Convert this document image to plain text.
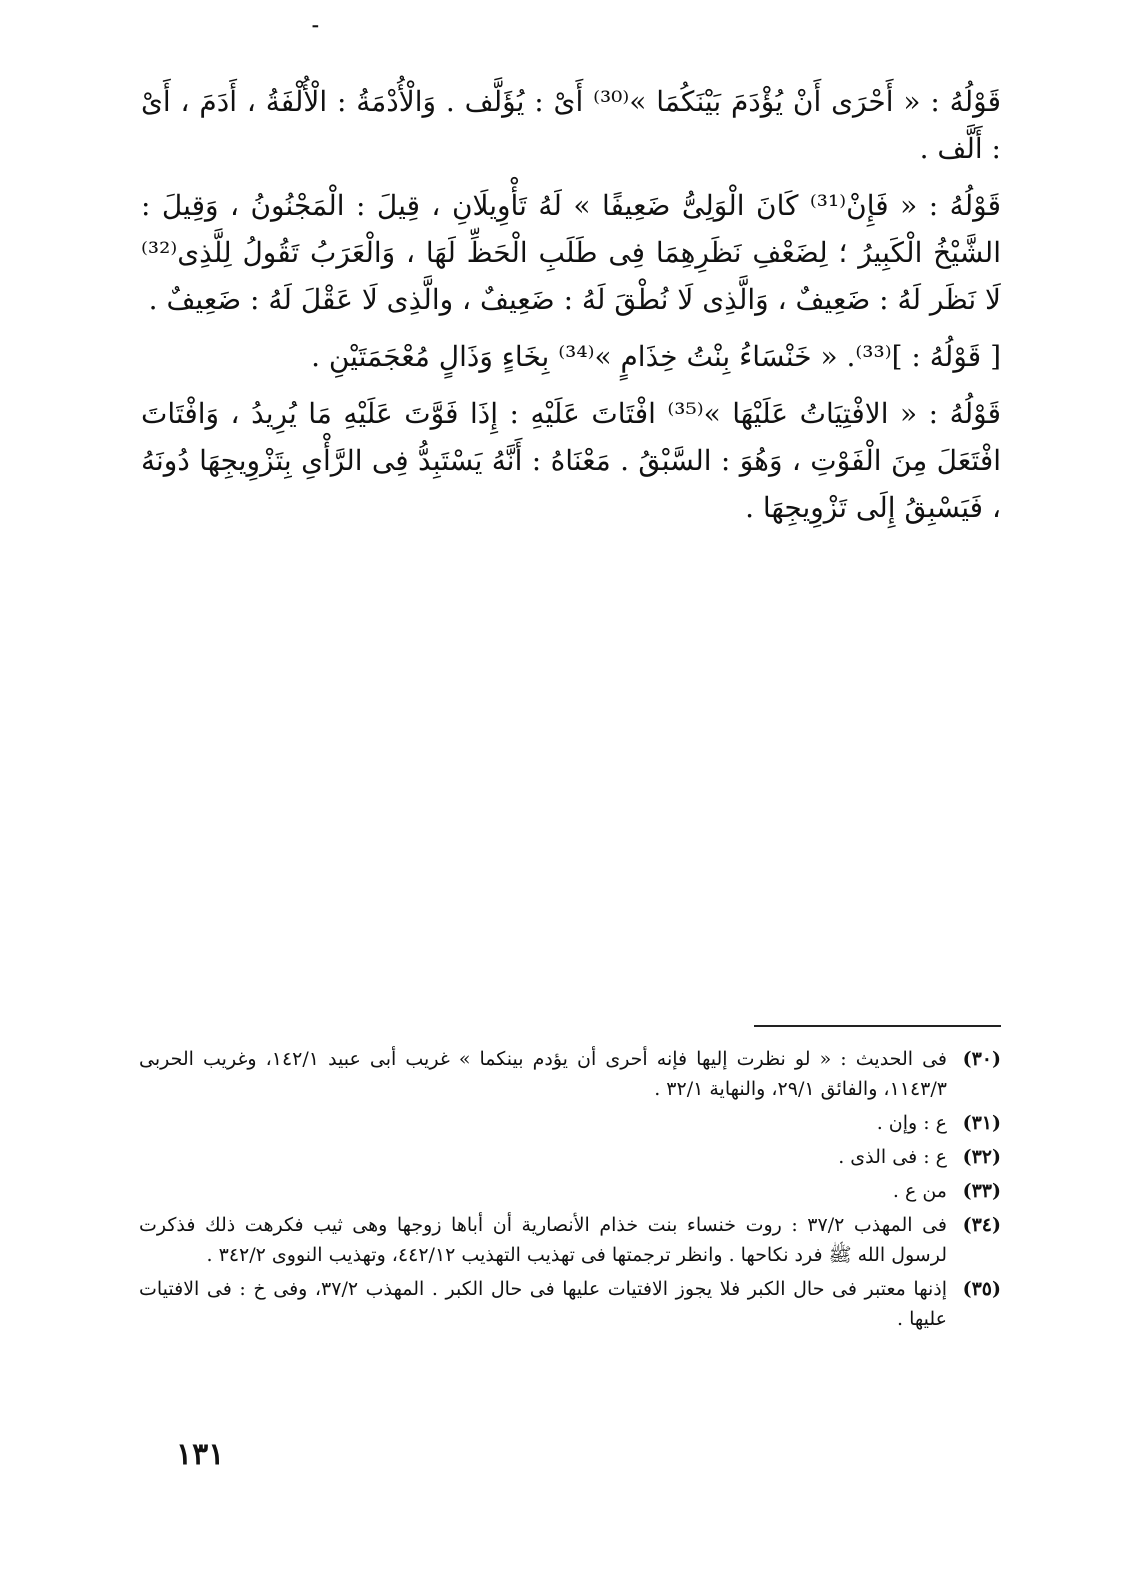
ـ

قَوْلُهُ : « أَحْرَى أَنْ يُؤْدَمَ بَيْنَكُمَا »⁽³⁰⁾ أَىْ : يُؤَلَّف . وَالْأُدْمَةُ : الْأُلْفَةُ ، أَدَمَ ، أَىْ : أَلَّف .

قَوْلُهُ : « فَإِنْ⁽³¹⁾ كَانَ الْوَلِىُّ ضَعِيفًا » لَهُ تَأْوِيلَانِ ، قِيلَ : الْمَجْنُونُ ، وَقِيلَ : الشَّيْخُ الْكَبِيرُ ؛ لِضَعْفِ نَظَرِهِمَا فِى طَلَبِ الْحَظِّ لَهَا ، وَالْعَرَبُ تَقُولُ لِلَّذِى⁽³²⁾ لَا نَظَر لَهُ : ضَعِيفٌ ، وَالَّذِى لَا نُطْقَ لَهُ : ضَعِيفٌ ، والَّذِى لَا عَقْلَ لَهُ : ضَعِيفٌ .

[ قَوْلُهُ : ]⁽³³⁾. « خَنْسَاءُ بِنْتُ خِذَامٍ »⁽³⁴⁾ بِخَاءٍ وَذَالٍ مُعْجَمَتَيْنِ .

قَوْلُهُ : « الافْتِيَاتُ عَلَيْهَا »⁽³⁵⁾ افْتَاتَ عَلَيْهِ : إِذَا فَوَّتَ عَلَيْهِ مَا يُرِيدُ ، وَافْتَاتَ افْتَعَلَ مِنَ الْفَوْتِ ، وَهُوَ : السَّبْقُ . مَعْنَاهُ : أَنَّهُ يَسْتَبِدُّ فِى الرَّأْىِ بِتَزْوِيجِهَا دُونَهُ ، فَيَسْبِقُ إِلَى تَزْوِيجِهَا .

(٣٠)
فى الحديث : « لو نظرت إليها فإنه أحرى أن يؤدم بينكما » غريب أبى عبيد ١٤٢/١، وغريب الحربى ١١٤٣/٣، والفائق ٢٩/١، والنهاية ٣٢/١ .
(٣١)
ع : وإن .
(٣٢)
ع : فى الذى .
(٣٣)
من ع .
(٣٤)
فى المهذب ٣٧/٢ : روت خنساء بنت خذام الأنصارية أن أباها زوجها وهى ثيب فكرهت ذلك فذكرت لرسول الله ﷺ فرد نكاحها . وانظر ترجمتها فى تهذيب التهذيب ٤٤٢/١٢، وتهذيب النووى ٣٤٢/٢ .
(٣٥)
إذنها معتبر فى حال الكبر فلا يجوز الافتيات عليها فى حال الكبر . المهذب ٣٧/٢، وفى خ : فى الافتيات عليها .
١٣١
